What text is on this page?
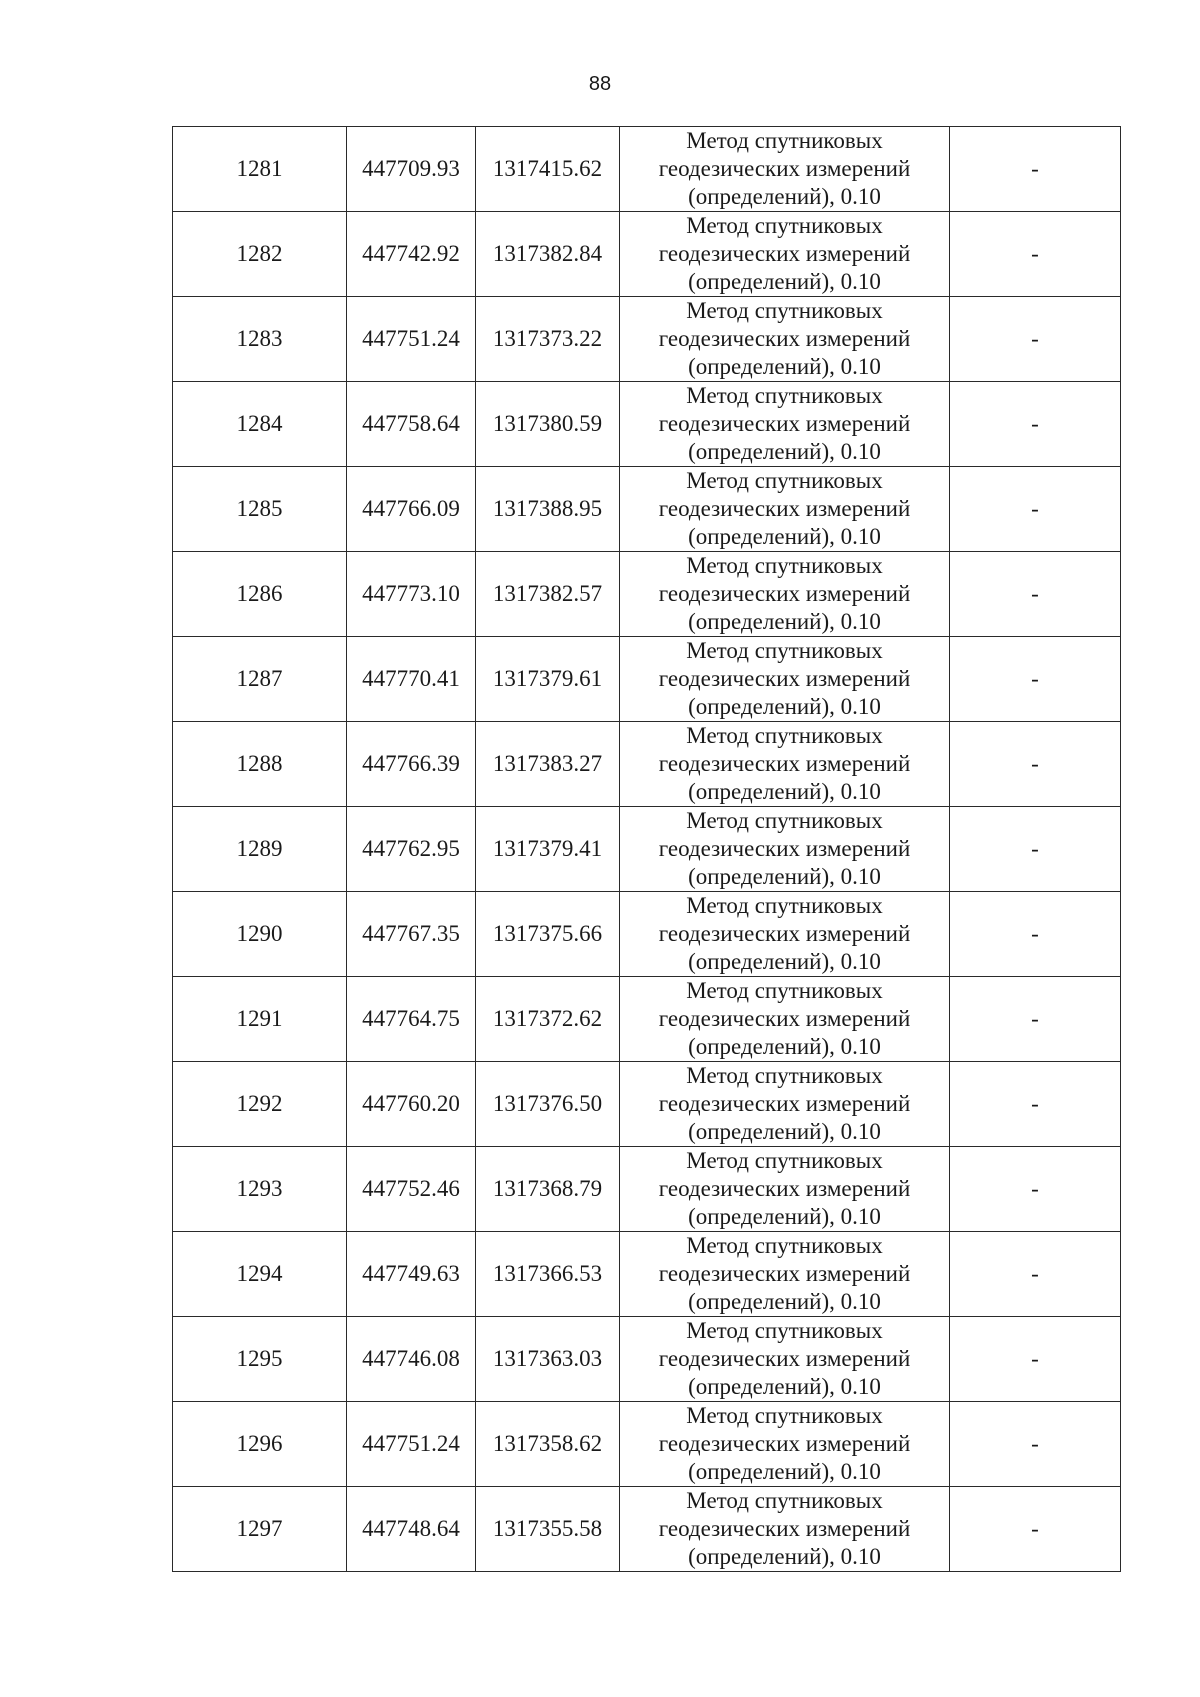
88
1281	447709.93	1317415.62	Метод спутниковых
геодезических измерений
(определений), 0.10	-
1282	447742.92	1317382.84	Метод спутниковых
геодезических измерений
(определений), 0.10	-
1283	447751.24	1317373.22	Метод спутниковых
геодезических измерений
(определений), 0.10	-
1284	447758.64	1317380.59	Метод спутниковых
геодезических измерений
(определений), 0.10	-
1285	447766.09	1317388.95	Метод спутниковых
геодезических измерений
(определений), 0.10	-
1286	447773.10	1317382.57	Метод спутниковых
геодезических измерений
(определений), 0.10	-
1287	447770.41	1317379.61	Метод спутниковых
геодезических измерений
(определений), 0.10	-
1288	447766.39	1317383.27	Метод спутниковых
геодезических измерений
(определений), 0.10	-
1289	447762.95	1317379.41	Метод спутниковых
геодезических измерений
(определений), 0.10	-
1290	447767.35	1317375.66	Метод спутниковых
геодезических измерений
(определений), 0.10	-
1291	447764.75	1317372.62	Метод спутниковых
геодезических измерений
(определений), 0.10	-
1292	447760.20	1317376.50	Метод спутниковых
геодезических измерений
(определений), 0.10	-
1293	447752.46	1317368.79	Метод спутниковых
геодезических измерений
(определений), 0.10	-
1294	447749.63	1317366.53	Метод спутниковых
геодезических измерений
(определений), 0.10	-
1295	447746.08	1317363.03	Метод спутниковых
геодезических измерений
(определений), 0.10	-
1296	447751.24	1317358.62	Метод спутниковых
геодезических измерений
(определений), 0.10	-
1297	447748.64	1317355.58	Метод спутниковых
геодезических измерений
(определений), 0.10	-
